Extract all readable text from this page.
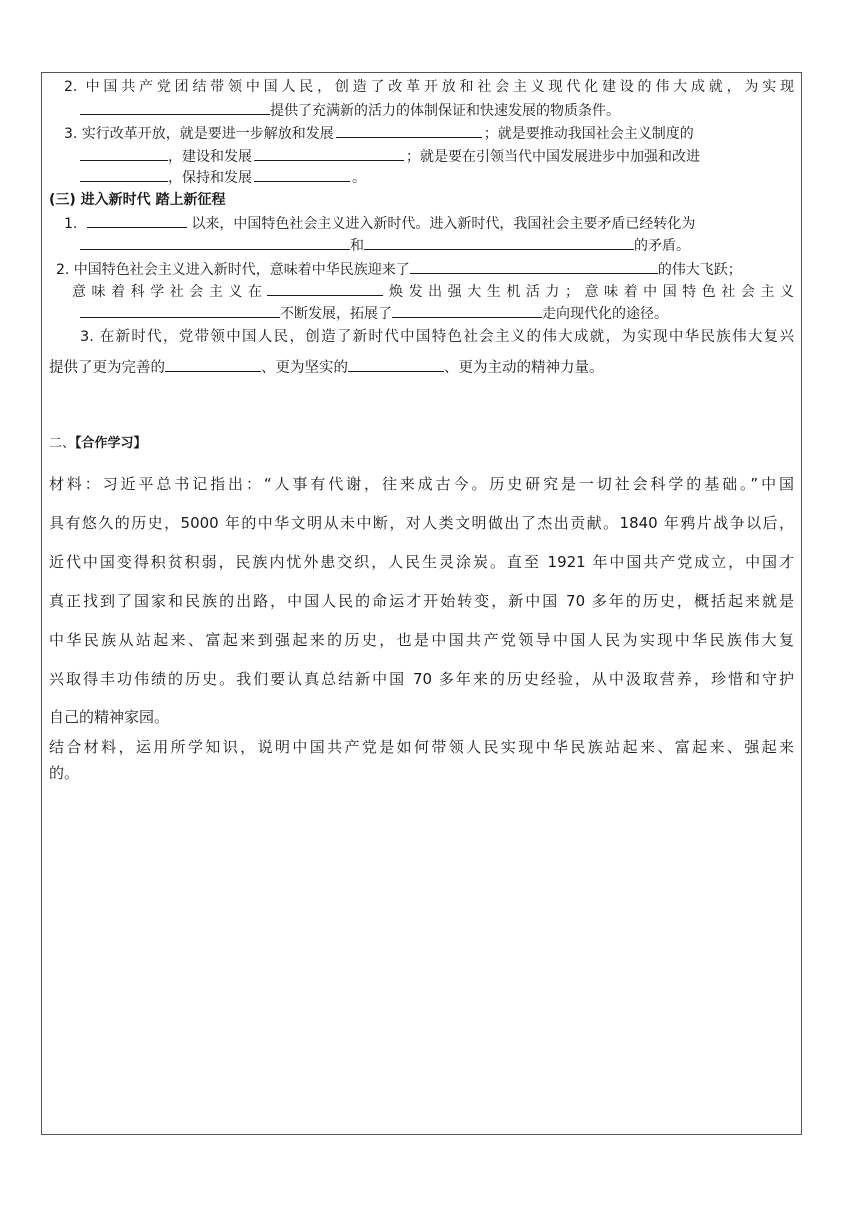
2. 中国共产党团结带领中国人民，创造了改革开放和社会主义现代化建设的伟大成就，为实现
提供了充满新的活力的体制保证和快速发展的物质条件。
3. 实行改革开放，就是要进一步解放和发展	；就是要推动我国社会主义制度的
，建设和发展	；就是要在引领当代中国发展进步中加强和改进
，保持和发展	。
(三) 进入新时代 踏上新征程
1.	以来，中国特色社会主义进入新时代。进入新时代，我国社会主要矛盾已经转化为
和	的矛盾。
2. 中国特色社会主义进入新时代，意味着中华民族迎来了	的伟大飞跃；
意味着科学社会主义在	焕发出强大生机活力；意味着中国特色社会主义
不断发展，拓展了	走向现代化的途径。
3. 在新时代，党带领中国人民，创造了新时代中国特色社会主义的伟大成就，为实现中华民族伟大复兴
提供了更为完善的	、更为坚实的	、更为主动的精神力量。
二、【合作学习】
材料：习近平总书记指出：“人事有代谢，往来成古今。历史研究是一切社会科学的基础。”中国
具有悠久的历史，5000 年的中华文明从未中断，对人类文明做出了杰出贡献。1840 年鸦片战争以后，
近代中国变得积贫积弱，民族内忧外患交织，人民生灵涂炭。直至 1921 年中国共产党成立，中国才
真正找到了国家和民族的出路，中国人民的命运才开始转变，新中国 70 多年的历史，概括起来就是
中华民族从站起来、富起来到强起来的历史，也是中国共产党领导中国人民为实现中华民族伟大复
兴取得丰功伟绩的历史。我们要认真总结新中国 70 多年来的历史经验，从中汲取营养，珍惜和守护
自己的精神家园。
结合材料，运用所学知识，说明中国共产党是如何带领人民实现中华民族站起来、富起来、强起来
的。
